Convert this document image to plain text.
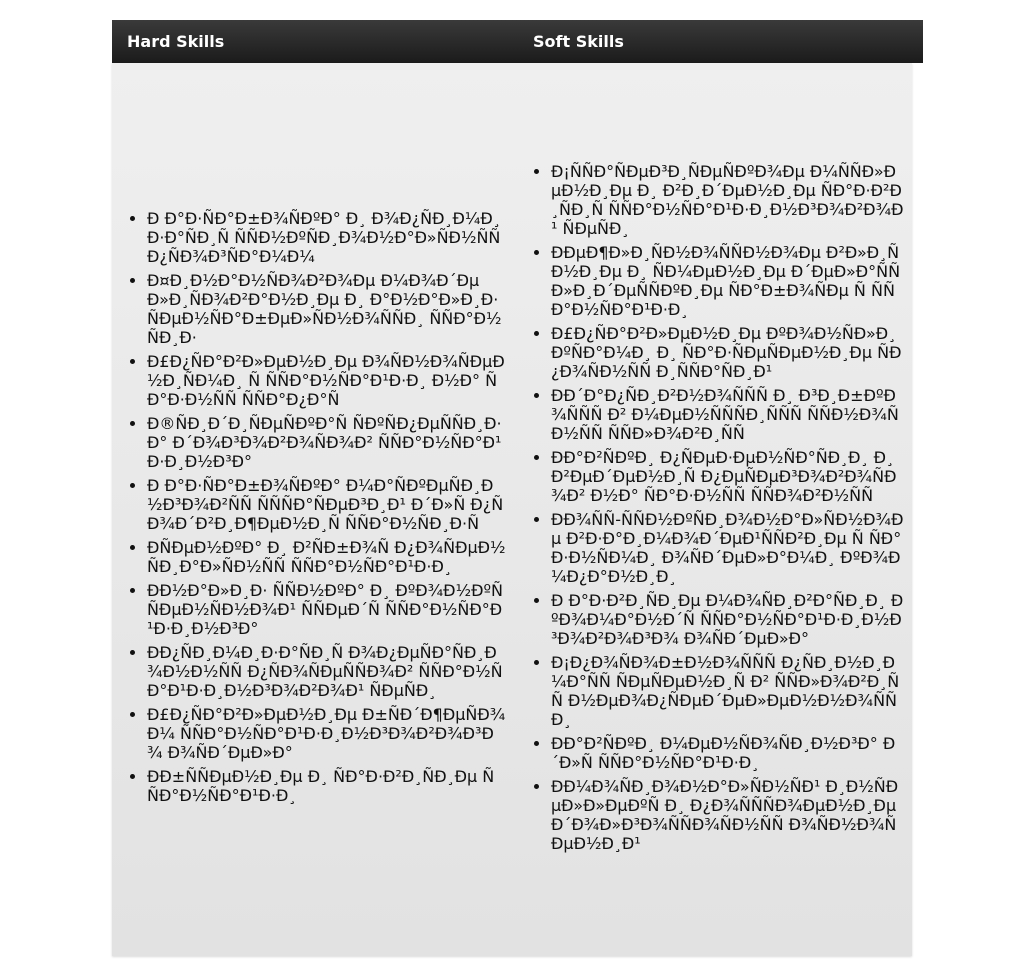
Hard Skills	Soft Skills
• Ð Ð°Ð·ÑÐ°Ð±Ð¾ÑÐºÐ° Ð¸ Ð¾Ð¿ÑÐ¸Ð¼Ð¸Ð·Ð°ÑÐ¸Ñ ÑÑÐ½ÐºÑÐ¸Ð¾Ð½Ð°Ð»ÑÐ½ÑÑ Ð¿ÑÐ¾Ð³ÑÐ°Ð¼Ð¼
• Ð¤Ð¸Ð½Ð°Ð½ÑÐ¾Ð²Ð¾Ðµ Ð¼Ð¾Ð´ÐµÐ»Ð¸ÑÐ¾Ð²Ð°Ð½Ð¸Ðµ Ð¸ Ð°Ð½Ð°Ð»Ð¸Ð· ÑÐµÐ½ÑÐ°Ð±ÐµÐ»ÑÐ½Ð¾ÑÑÐ¸ ÑÑÐ°Ð½ÑÐ¸Ð·
• Ð£Ð¿ÑÐ°Ð²Ð»ÐµÐ½Ð¸Ðµ Ð¾ÑÐ½Ð¾ÑÐµÐ½Ð¸ÑÐ¼Ð¸ Ñ ÑÑÐ°Ð½ÑÐ°Ð¹Ð·Ð¸ Ð½Ð° ÑÐ°Ð·Ð½ÑÑ ÑÑÐ°Ð¿Ð°Ñ
• Ð®ÑÐ¸Ð´Ð¸ÑÐµÑÐºÐ°Ñ ÑÐºÑÐ¿ÐµÑÑÐ¸Ð·Ð° Ð´Ð¾Ð³Ð¾Ð²Ð¾ÑÐ¾Ð² ÑÑÐ°Ð½ÑÐ°Ð¹Ð·Ð¸Ð½Ð³Ð°
• Ð Ð°Ð·ÑÐ°Ð±Ð¾ÑÐºÐ° Ð¼Ð°ÑÐºÐµÑÐ¸Ð½Ð³Ð¾Ð²ÑÑ ÑÑÑÐ°ÑÐµÐ³Ð¸Ð¹ Ð´Ð»Ñ Ð¿ÑÐ¾Ð´Ð²Ð¸Ð¶ÐµÐ½Ð¸Ñ ÑÑÐ°Ð½ÑÐ¸Ð·Ñ
• ÐÑÐµÐ½ÐºÐ° Ð¸ Ð²ÑÐ±Ð¾Ñ Ð¿Ð¾ÑÐµÐ½ÑÐ¸Ð°Ð»ÑÐ½ÑÑ ÑÑÐ°Ð½ÑÐ°Ð¹Ð·Ð¸
• ÐÐ½Ð°Ð»Ð¸Ð· ÑÑÐ½ÐºÐ° Ð¸ ÐºÐ¾Ð½ÐºÑÑÐµÐ½ÑÐ½Ð¾Ð¹ ÑÑÐµÐ´Ñ ÑÑÐ°Ð½ÑÐ°Ð¹Ð·Ð¸Ð½Ð³Ð°
• ÐÐ¿ÑÐ¸Ð¼Ð¸Ð·Ð°ÑÐ¸Ñ Ð¾Ð¿ÐµÑÐ°ÑÐ¸Ð¾Ð½Ð½ÑÑ Ð¿ÑÐ¾ÑÐµÑÑÐ¾Ð² ÑÑÐ°Ð½ÑÐ°Ð¹Ð·Ð¸Ð½Ð³Ð¾Ð²Ð¾Ð¹ ÑÐµÑÐ¸
• Ð£Ð¿ÑÐ°Ð²Ð»ÐµÐ½Ð¸Ðµ Ð±ÑÐ´Ð¶ÐµÑÐ¾Ð¼ ÑÑÐ°Ð½ÑÐ°Ð¹Ð·Ð¸Ð½Ð³Ð¾Ð²Ð¾Ð³Ð¾ Ð¾ÑÐ´ÐµÐ»Ð°
• ÐÐ±ÑÑÐµÐ½Ð¸Ðµ Ð¸ ÑÐ°Ð·Ð²Ð¸ÑÐ¸Ðµ ÑÑÐ°Ð½ÑÐ°Ð¹Ð·Ð¸
• Ð¡ÑÑÐ°ÑÐµÐ³Ð¸ÑÐµÑÐºÐ¾Ðµ Ð¼ÑÑÐ»ÐµÐ½Ð¸Ðµ Ð¸ Ð²Ð¸Ð´ÐµÐ½Ð¸Ðµ ÑÐ°Ð·Ð²Ð¸ÑÐ¸Ñ ÑÑÐ°Ð½ÑÐ°Ð¹Ð·Ð¸Ð½Ð³Ð¾Ð²Ð¾Ð¹ ÑÐµÑÐ¸
• ÐÐµÐ¶Ð»Ð¸ÑÐ½Ð¾ÑÑÐ½Ð¾Ðµ Ð²Ð»Ð¸ÑÐ½Ð¸Ðµ Ð¸ ÑÐ¼ÐµÐ½Ð¸Ðµ Ð´ÐµÐ»Ð°ÑÑ Ð»Ð¸Ð´ÐµÑÑÐºÐ¸Ðµ ÑÐ°Ð±Ð¾ÑÐµ Ñ ÑÑÐ°Ð½ÑÐ°Ð¹Ð·Ð¸
• Ð£Ð¿ÑÐ°Ð²Ð»ÐµÐ½Ð¸Ðµ ÐºÐ¾Ð½ÑÐ»Ð¸ÐºÑÐ°Ð¼Ð¸ Ð¸ ÑÐ°Ð·ÑÐµÑÐµÐ½Ð¸Ðµ ÑÐ¿Ð¾ÑÐ½ÑÑ Ð¸ÑÑÐ°ÑÐ¸Ð¹
• ÐÐ´Ð°Ð¿ÑÐ¸Ð²Ð½Ð¾ÑÑÑ Ð¸ Ð³Ð¸Ð±ÐºÐ¾ÑÑÑ Ð² Ð¼ÐµÐ½ÑÑÑÐ¸ÑÑÑ ÑÑÐ½Ð¾ÑÐ½ÑÑ ÑÑÐ»Ð¾Ð²Ð¸ÑÑ
• ÐÐ°Ð²ÑÐºÐ¸ Ð¿ÑÐµÐ·ÐµÐ½ÑÐ°ÑÐ¸Ð¸ Ð¸ Ð²ÐµÐ´ÐµÐ½Ð¸Ñ Ð¿ÐµÑÐµÐ³Ð¾Ð²Ð¾ÑÐ¾Ð² Ð½Ð° ÑÐ°Ð·Ð½ÑÑ ÑÑÐ¾Ð²Ð½ÑÑ
• ÐÐ¾ÑÑ-ÑÑÐ½ÐºÑÐ¸Ð¾Ð½Ð°Ð»ÑÐ½Ð¾Ðµ Ð²Ð·Ð°Ð¸Ð¼Ð¾Ð´ÐµÐ¹ÑÑÐ²Ð¸Ðµ Ñ ÑÐ°Ð·Ð½ÑÐ¼Ð¸ Ð¾ÑÐ´ÐµÐ»Ð°Ð¼Ð¸ ÐºÐ¾Ð¼Ð¿Ð°Ð½Ð¸Ð¸
• Ð Ð°Ð·Ð²Ð¸ÑÐ¸Ðµ Ð¼Ð¾ÑÐ¸Ð²Ð°ÑÐ¸Ð¸ ÐºÐ¾Ð¼Ð°Ð½Ð´Ñ ÑÑÐ°Ð½ÑÐ°Ð¹Ð·Ð¸Ð½Ð³Ð¾Ð²Ð¾Ð³Ð¾ Ð¾ÑÐ´ÐµÐ»Ð°
• Ð¡Ð¿Ð¾ÑÐ¾Ð±Ð½Ð¾ÑÑÑ Ð¿ÑÐ¸Ð½Ð¸Ð¼Ð°ÑÑ ÑÐµÑÐµÐ½Ð¸Ñ Ð² ÑÑÐ»Ð¾Ð²Ð¸ÑÑ Ð½ÐµÐ¾Ð¿ÑÐµÐ´ÐµÐ»ÐµÐ½Ð½Ð¾ÑÑÐ¸
• ÐÐ°Ð²ÑÐºÐ¸ Ð¼ÐµÐ½ÑÐ¾ÑÐ¸Ð½Ð³Ð° Ð´Ð»Ñ ÑÑÐ°Ð½ÑÐ°Ð¹Ð·Ð¸
• ÐÐ¼Ð¾ÑÐ¸Ð¾Ð½Ð°Ð»ÑÐ½ÑÐ¹ Ð¸Ð½ÑÐµÐ»Ð»ÐµÐºÑ Ð¸ Ð¿Ð¾ÑÑÑÐ¾ÐµÐ½Ð¸Ðµ Ð´Ð¾Ð»Ð³Ð¾ÑÑÐ¾ÑÐ½ÑÑ Ð¾ÑÐ½Ð¾ÑÐµÐ½Ð¸Ð¹
